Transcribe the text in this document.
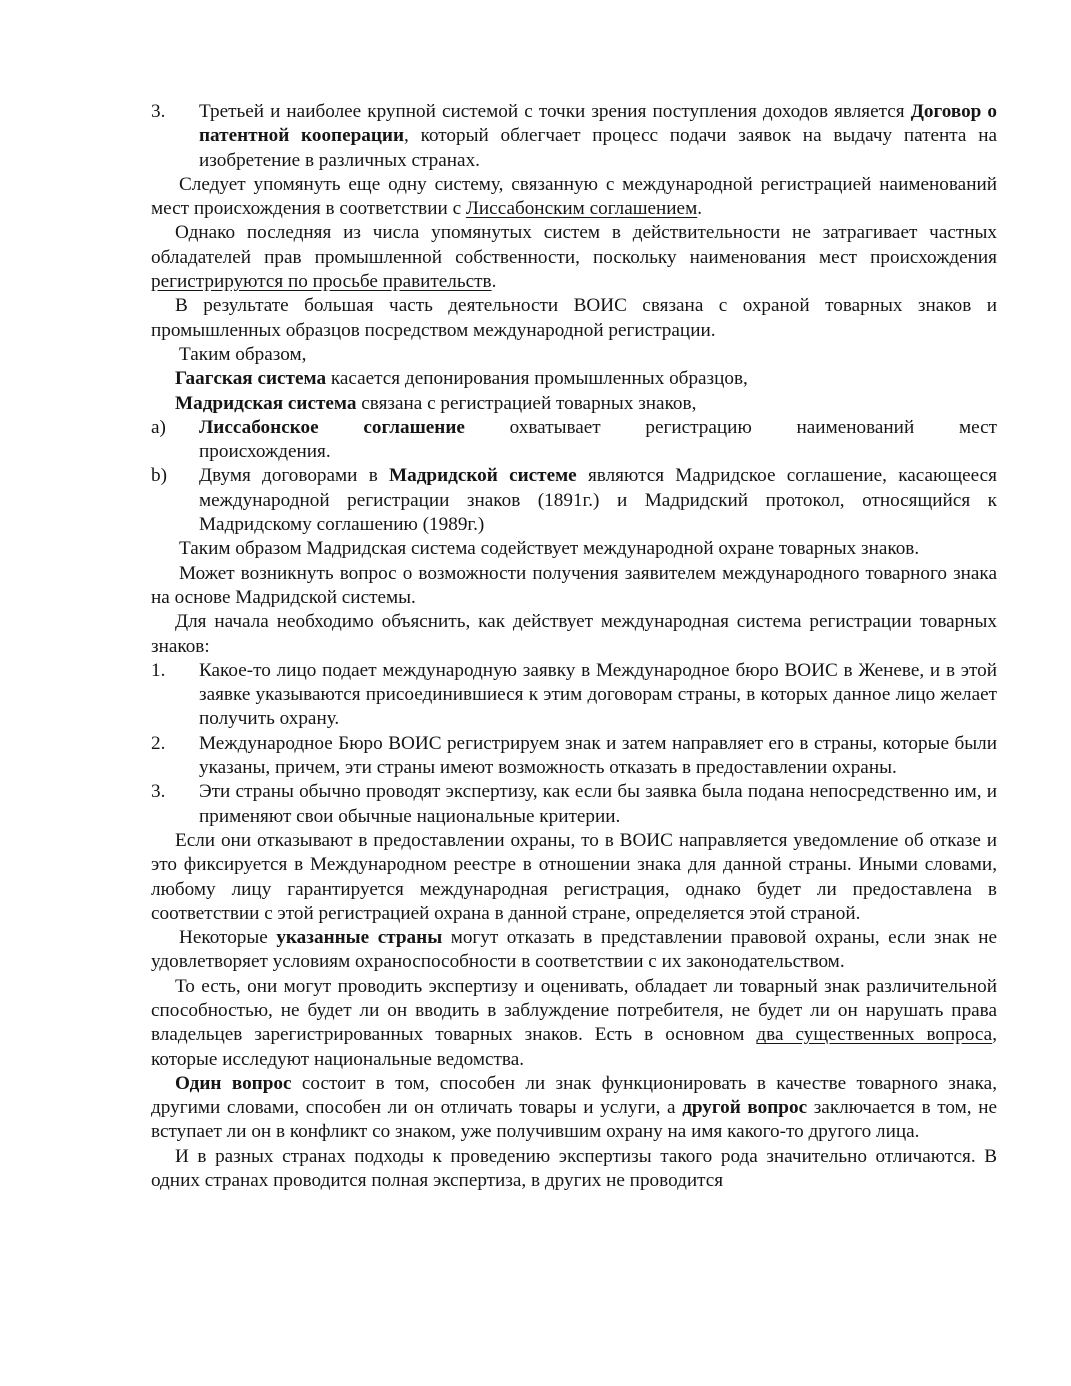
3.	Третьей и наиболее крупной системой с точки зрения поступления доходов является Договор о патентной кооперации, который облегчает процесс подачи заявок на выдачу патента на изобретение в различных странах.

Следует упомянуть еще одну систему, связанную с международной регистрацией наименований мест происхождения в соответствии с Лиссабонским соглашением.

Однако последняя из числа упомянутых систем в действительности не затрагивает частных обладателей прав промышленной собственности, поскольку наименования мест происхождения регистрируются по просьбе правительств.

В результате большая часть деятельности ВОИС связана с охраной товарных знаков и промышленных образцов посредством международной регистрации.

Таким образом,

Гаагская система касается депонирования промышленных образцов,

Мадридская система связана с регистрацией товарных знаков,

a)	Лиссабонское соглашение охватывает регистрацию наименований мест
происхождения.
b)	Двумя договорами в Мадридской системе являются Мадридское соглашение, касающееся международной регистрации знаков (1891г.) и Мадридский протокол, относящийся к Мадридскому соглашению (1989г.)

Таким образом Мадридская система содействует международной охране товарных знаков.

Может возникнуть вопрос о возможности получения заявителем международного товарного знака на основе Мадридской системы.

Для начала необходимо объяснить, как действует международная система регистрации товарных знаков:

1.	Какое-то лицо подает международную заявку в Международное бюро ВОИС в Женеве, и в этой заявке указываются присоединившиеся к этим договорам страны, в которых данное лицо желает получить охрану.
2.	Международное Бюро ВОИС регистрируем знак и затем направляет его в страны, которые были указаны, причем, эти страны имеют возможность отказать в предоставлении охраны.
3.	Эти страны обычно проводят экспертизу, как если бы заявка была подана непосредственно им, и применяют свои обычные национальные критерии.

Если они отказывают в предоставлении охраны, то в ВОИС направляется уведомление об отказе и это фиксируется в Международном реестре в отношении знака для данной страны. Иными словами, любому лицу гарантируется международная регистрация, однако будет ли предоставлена в соответствии с этой регистрацией охрана в данной стране, определяется этой страной.

Некоторые указанные страны могут отказать в представлении правовой охраны, если знак не удовлетворяет условиям охраноспособности в соответствии с их законодательством.

То есть, они могут проводить экспертизу и оценивать, обладает ли товарный знак различительной способностью, не будет ли он вводить в заблуждение потребителя, не будет ли он нарушать права владельцев зарегистрированных товарных знаков. Есть в основном два существенных вопроса, которые исследуют национальные ведомства.

Один вопрос состоит в том, способен ли знак функционировать в качестве товарного знака, другими словами, способен ли он отличать товары и услуги, а другой вопрос заключается в том, не вступает ли он в конфликт со знаком, уже получившим охрану на имя какого-то другого лица.

И в разных странах подходы к проведению экспертизы такого рода значительно отличаются. В одних странах проводится полная экспертиза, в других не проводится
